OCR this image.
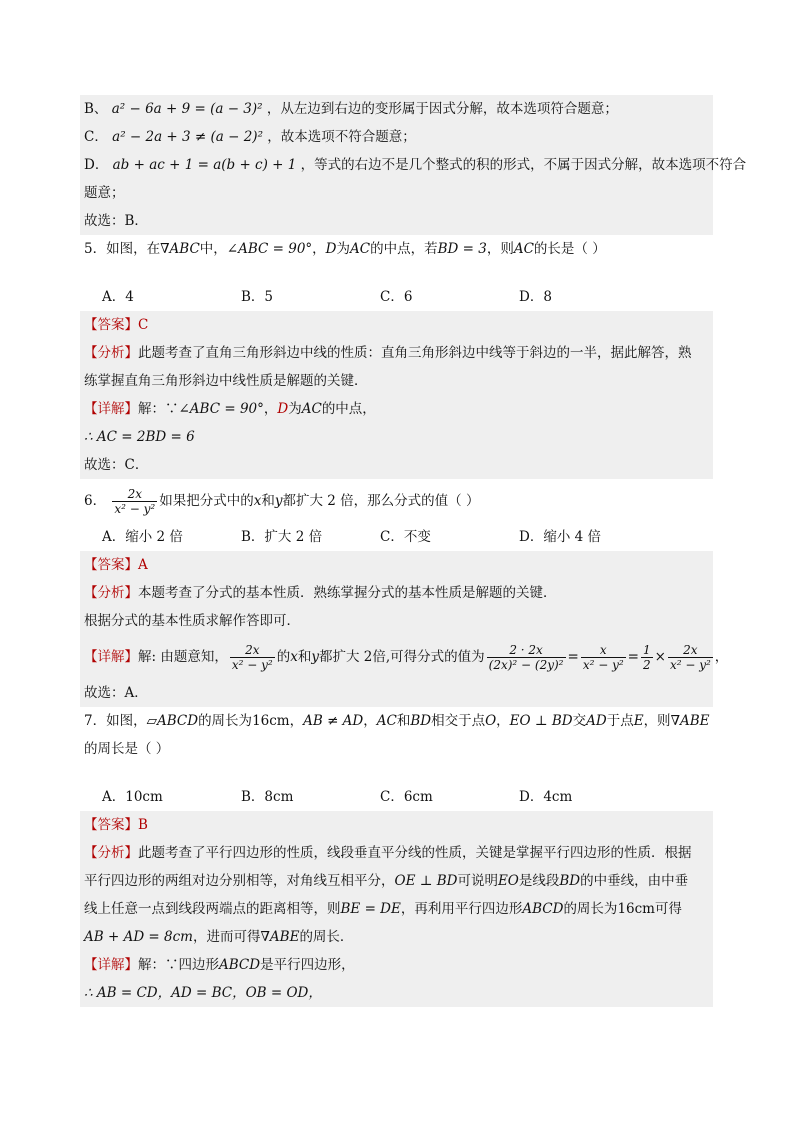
B、 a² − 6a + 9 = (a − 3)² ，从左边到右边的变形属于因式分解，故本选项符合题意；
C． a² − 2a + 3 ≠ (a − 2)² ，故本选项不符合题意；
D． ab + ac + 1 = a(b + c) + 1 ，等式的右边不是几个整式的积的形式，不属于因式分解，故本选项不符合
题意；
故选：B．
5．如图，在∇ABC中，∠ABC = 90°，D为AC的中点，若BD = 3，则AC的长是（ ）
A．4	B．5	C．6	D．8
【答案】C
【分析】此题考查了直角三角形斜边中线的性质：直角三角形斜边中线等于斜边的一半，据此解答，熟
练掌握直角三角形斜边中线性质是解题的关键．
【详解】解：∵∠ABC = 90°，D为AC的中点，
∴ AC = 2BD = 6
故选：C．
6． $\frac{2x}{\text{x² − y²}}$ 如果把分式中的x和y都扩大 2 倍，那么分式的值（ ）
A．缩小 2 倍	B．扩大 2 倍	C．不变	D．缩小 4 倍
【答案】A
【分析】本题考查了分式的基本性质．熟练掌握分式的基本性质是解题的关键．
根据分式的基本性质求解作答即可．
【详解】解: 由题意知， $\frac{2x}{\text{x² − y²}}$ 的x和y都扩大 2倍,可得分式的值为 $\frac{2 \cdot 2x}{\text{(2x)² − (2y)²}} = \frac{x}{\text{x² − y²}} = \frac{1}{2} \times \frac{2x}{\text{x² − y²}}$ ，
故选：A．
7．如图，▱ABCD的周长为16cm，AB ≠ AD，AC和BD相交于点O，EO ⊥ BD交AD于点E，则∇ABE
的周长是（ ）
A．10cm	B．8cm	C．6cm	D．4cm
【答案】B
【分析】此题考查了平行四边形的性质，线段垂直平分线的性质，关键是掌握平行四边形的性质．根据
平行四边形的两组对边分别相等，对角线互相平分，OE ⊥ BD可说明EO是线段BD的中垂线，由中垂
线上任意一点到线段两端点的距离相等，则BE = DE，再利用平行四边形ABCD的周长为16cm可得
AB + AD = 8cm，进而可得∇ABE的周长．
【详解】解：∵四边形ABCD是平行四边形，
∴ AB = CD，AD = BC，OB = OD，
